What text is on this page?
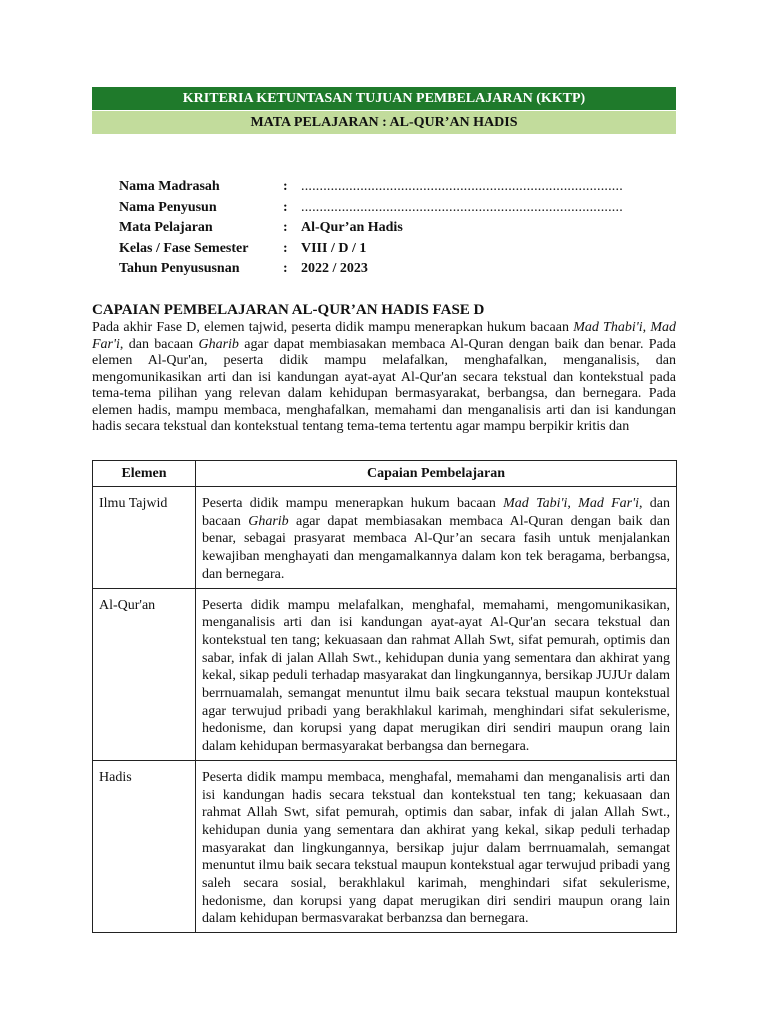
KRITERIA KETUNTASAN TUJUAN PEMBELAJARAN (KKTP)
MATA PELAJARAN : AL-QUR’AN HADIS
Nama Madrasah	: .......................................................................................
Nama Penyusun	: .......................................................................................
Mata Pelajaran	: Al-Qur’an Hadis
Kelas / Fase Semester : VIII / D / 1
Tahun Penyususnan	: 2022 / 2023
CAPAIAN PEMBELAJARAN AL-QUR’AN HADIS FASE D

Pada akhir Fase D, elemen tajwid, peserta didik mampu menerapkan hukum bacaan Mad Thabi'i, Mad Far'i, dan bacaan Gharib agar dapat membiasakan membaca Al-Quran dengan baik dan benar. Pada elemen Al-Qur'an, peserta didik mampu melafalkan, menghafalkan, menganalisis, dan mengomunikasikan arti dan isi kandungan ayat-ayat Al-Qur'an secara tekstual dan kontekstual pada tema-tema pilihan yang relevan dalam kehidupan bermasyarakat, berbangsa, dan bernegara. Pada elemen hadis, mampu membaca, menghafalkan, memahami dan menganalisis arti dan isi kandungan hadis secara tekstual dan kontekstual tentang tema-tema tertentu agar mampu berpikir kritis dan

Elemen	Capaian Pembelajaran
Ilmu Tajwid	Peserta didik mampu menerapkan hukum bacaan Mad Tabi'i, Mad Far'i, dan bacaan Gharib agar dapat membiasakan membaca Al-Quran dengan baik dan benar, sebagai prasyarat membaca Al-Qur’an secara fasih untuk menjalankan kewajiban menghayati dan mengamalkannya dalam kon tek beragama, berbangsa, dan bernegara.
Al-Qur'an	Peserta didik mampu melafalkan, menghafal, memahami, mengomunikasikan, menganalisis arti dan isi kandungan ayat-ayat Al-Qur'an secara tekstual dan kontekstual ten tang; kekuasaan dan rahmat Allah Swt, sifat pemurah, optimis dan sabar, infak di jalan Allah Swt., kehidupan dunia yang sementara dan akhirat yang kekal, sikap peduli terhadap masyarakat dan lingkungannya, bersikap JUJUr dalam berrnuamalah, semangat menuntut ilmu baik secara tekstual maupun kontekstual agar terwujud pribadi yang berakhlakul karimah, menghindari sifat sekulerisme, hedonisme, dan korupsi yang dapat merugikan diri sendiri maupun orang lain dalam kehidupan bermasyarakat berbangsa dan bernegara.
Hadis	Peserta didik mampu membaca, menghafal, memahami dan menganalisis arti dan isi kandungan hadis secara tekstual dan kontekstual ten tang; kekuasaan dan rahmat Allah Swt, sifat pemurah, optimis dan sabar, infak di jalan Allah Swt., kehidupan dunia yang sementara dan akhirat yang kekal, sikap peduli terhadap masyarakat dan lingkungannya, bersikap jujur dalam berrnuamalah, semangat menuntut ilmu baik secara tekstual maupun kontekstual agar terwujud pribadi yang saleh secara sosial, berakhlakul karimah, menghindari sifat sekulerisme, hedonisme, dan korupsi yang dapat merugikan diri sendiri maupun orang lain dalam kehidupan bermasvarakat berbanzsa dan bernegara.
